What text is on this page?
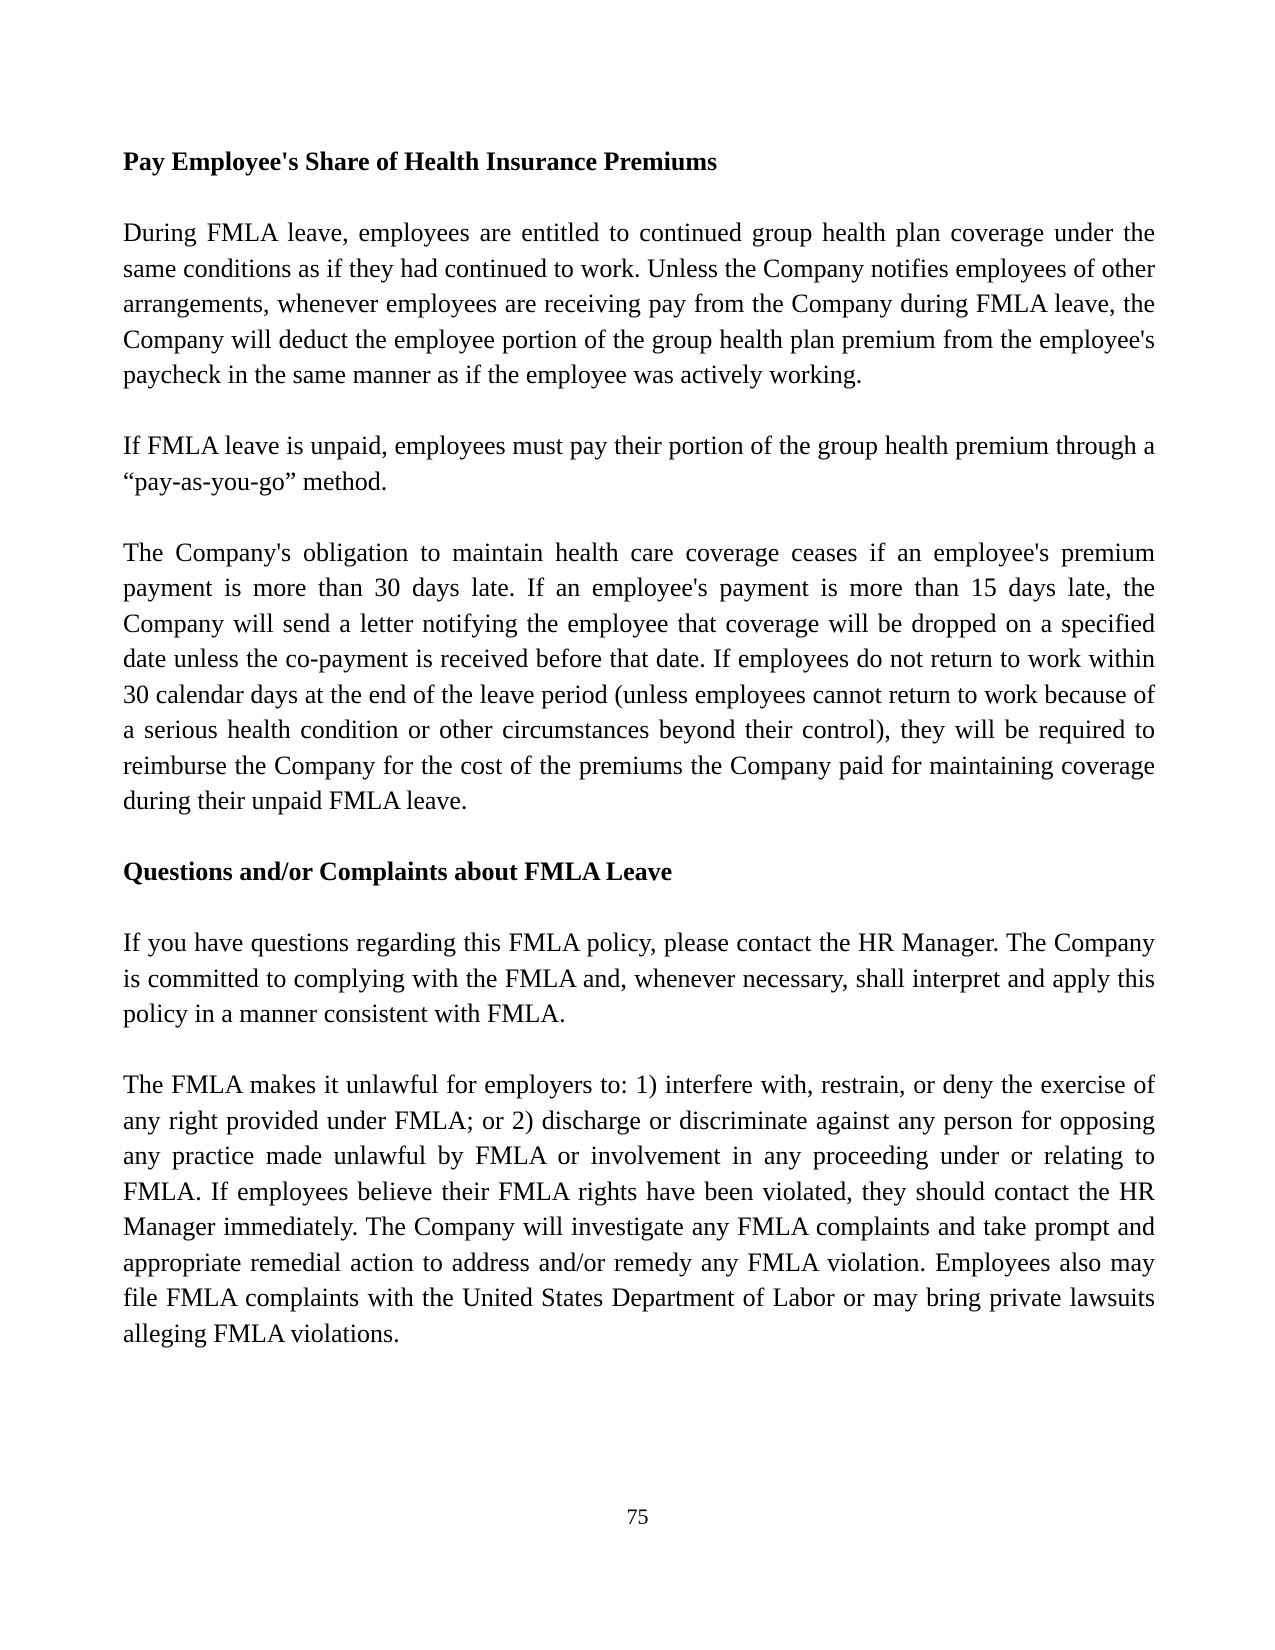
Pay Employee's Share of Health Insurance Premiums

During FMLA leave, employees are entitled to continued group health plan coverage under the same conditions as if they had continued to work. Unless the Company notifies employees of other arrangements, whenever employees are receiving pay from the Company during FMLA leave, the Company will deduct the employee portion of the group health plan premium from the employee's paycheck in the same manner as if the employee was actively working.

If FMLA leave is unpaid, employees must pay their portion of the group health premium through a “pay-as-you-go” method.

The Company's obligation to maintain health care coverage ceases if an employee's premium payment is more than 30 days late. If an employee's payment is more than 15 days late, the Company will send a letter notifying the employee that coverage will be dropped on a specified date unless the co-payment is received before that date. If employees do not return to work within 30 calendar days at the end of the leave period (unless employees cannot return to work because of a serious health condition or other circumstances beyond their control), they will be required to reimburse the Company for the cost of the premiums the Company paid for maintaining coverage during their unpaid FMLA leave.

Questions and/or Complaints about FMLA Leave

If you have questions regarding this FMLA policy, please contact the HR Manager. The Company is committed to complying with the FMLA and, whenever necessary, shall interpret and apply this policy in a manner consistent with FMLA.

The FMLA makes it unlawful for employers to: 1) interfere with, restrain, or deny the exercise of any right provided under FMLA; or 2) discharge or discriminate against any person for opposing any practice made unlawful by FMLA or involvement in any proceeding under or relating to FMLA. If employees believe their FMLA rights have been violated, they should contact the HR Manager immediately. The Company will investigate any FMLA complaints and take prompt and appropriate remedial action to address and/or remedy any FMLA violation. Employees also may file FMLA complaints with the United States Department of Labor or may bring private lawsuits alleging FMLA violations.

75
